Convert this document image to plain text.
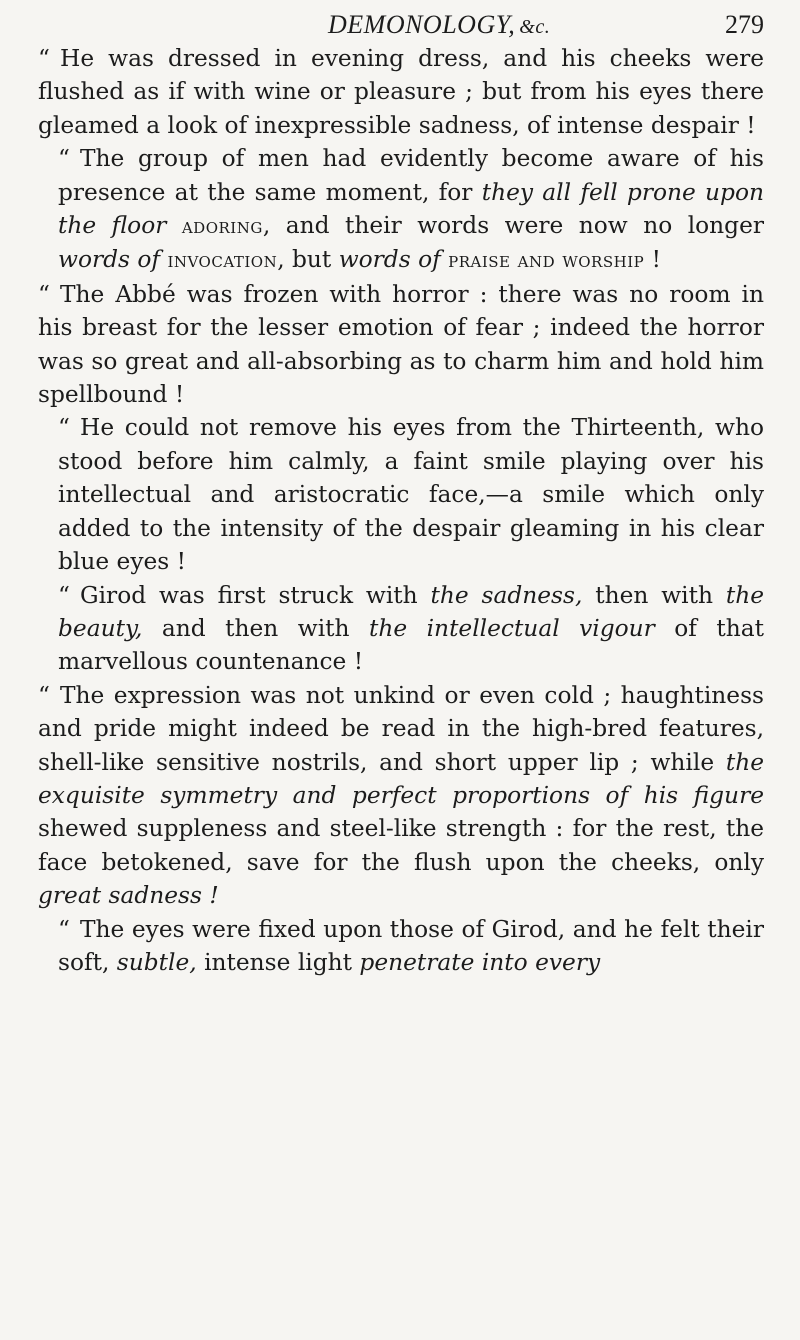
DEMONOLOGY, &c.	279

“ He was dressed in evening dress, and his cheeks were flushed as if with wine or pleasure ; but from his eyes there gleamed a look of inexpressible sadness, of intense despair !

“ The group of men had evidently become aware of his presence at the same moment, for they all fell prone upon the floor adoring, and their words were now no longer words of invocation, but words of praise and worship !

“ The Abbé was frozen with horror : there was no room in his breast for the lesser emotion of fear ; indeed the horror was so great and all-absorbing as to charm him and hold him spellbound !

“ He could not remove his eyes from the Thirteenth, who stood before him calmly, a faint smile playing over his intellectual and aristocratic face,—a smile which only added to the intensity of the despair gleaming in his clear blue eyes !

“ Girod was first struck with the sadness, then with the beauty, and then with the intellectual vigour of that marvellous countenance !

“ The expression was not unkind or even cold ; haughtiness and pride might indeed be read in the high-bred features, shell-like sensitive nostrils, and short upper lip ; while the exquisite symmetry and perfect proportions of his figure shewed suppleness and steel-like strength : for the rest, the face betokened, save for the flush upon the cheeks, only great sadness !

“ The eyes were fixed upon those of Girod, and he felt their soft, subtle, intense light penetrate into every
